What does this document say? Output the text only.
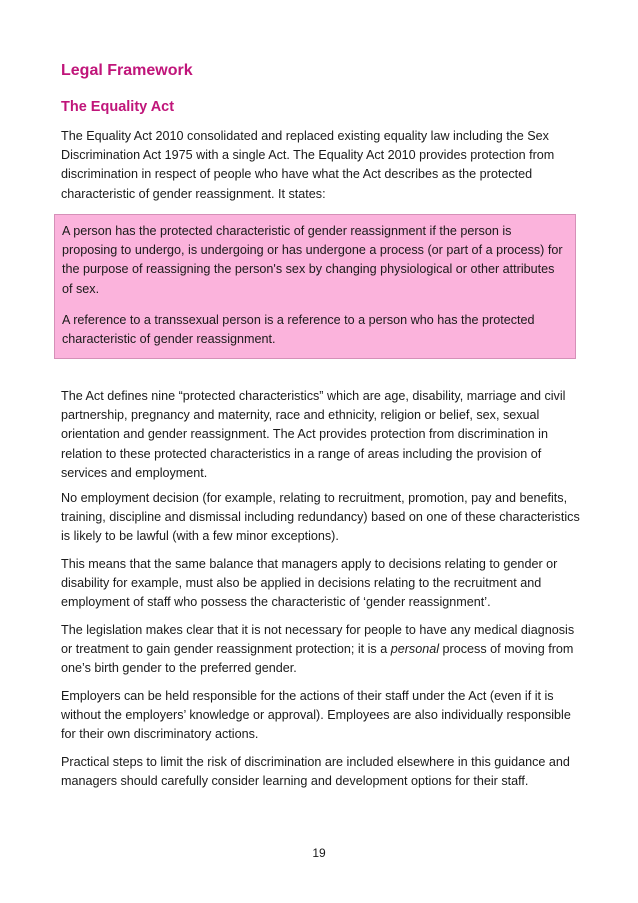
Legal Framework
The Equality Act

The Equality Act 2010 consolidated and replaced existing equality law including the Sex Discrimination Act 1975 with a single Act. The Equality Act 2010 provides protection from discrimination in respect of people who have what the Act describes as the protected characteristic of gender reassignment. It states:

A person has the protected characteristic of gender reassignment if the person is proposing to undergo, is undergoing or has undergone a process (or part of a process) for the purpose of reassigning the person's sex by changing physiological or other attributes of sex.

A reference to a transsexual person is a reference to a person who has the protected characteristic of gender reassignment.

The Act defines nine “protected characteristics” which are age, disability, marriage and civil partnership, pregnancy and maternity, race and ethnicity, religion or belief, sex, sexual orientation and gender reassignment. The Act provides protection from discrimination in relation to these protected characteristics in a range of areas including the provision of services and employment.

No employment decision (for example, relating to recruitment, promotion, pay and benefits, training, discipline and dismissal including redundancy) based on one of these characteristics is likely to be lawful (with a few minor exceptions).

This means that the same balance that managers apply to decisions relating to gender or disability for example, must also be applied in decisions relating to the recruitment and employment of staff who possess the characteristic of ‘gender reassignment’.

The legislation makes clear that it is not necessary for people to have any medical diagnosis or treatment to gain gender reassignment protection; it is a personal process of moving from one’s birth gender to the preferred gender.

Employers can be held responsible for the actions of their staff under the Act (even if it is without the employers’ knowledge or approval). Employees are also individually responsible for their own discriminatory actions.

Practical steps to limit the risk of discrimination are included elsewhere in this guidance and managers should carefully consider learning and development options for their staff.

19
